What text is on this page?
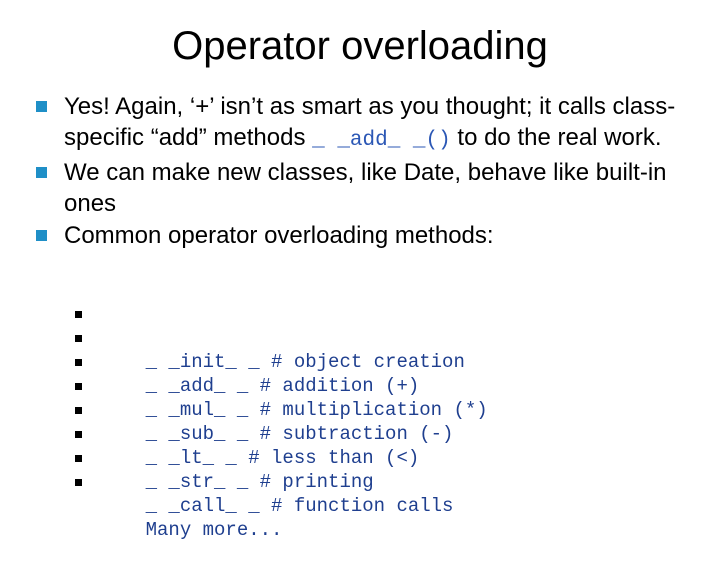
Operator overloading
Yes! Again, ‘+’ isn’t as smart as you thought; it calls class-specific “add” methods _ _add_ _() to do the real work.
We can make new classes, like Date, behave like built-in ones
Common operator overloading methods:

_ _init_ _ # object creation

_ _add_ _ # addition (+)

_ _mul_ _ # multiplication (*)

_ _sub_ _ # subtraction (-)

_ _lt_ _ # less than (<)

_ _str_ _ # printing

_ _call_ _ # function calls

Many more...
